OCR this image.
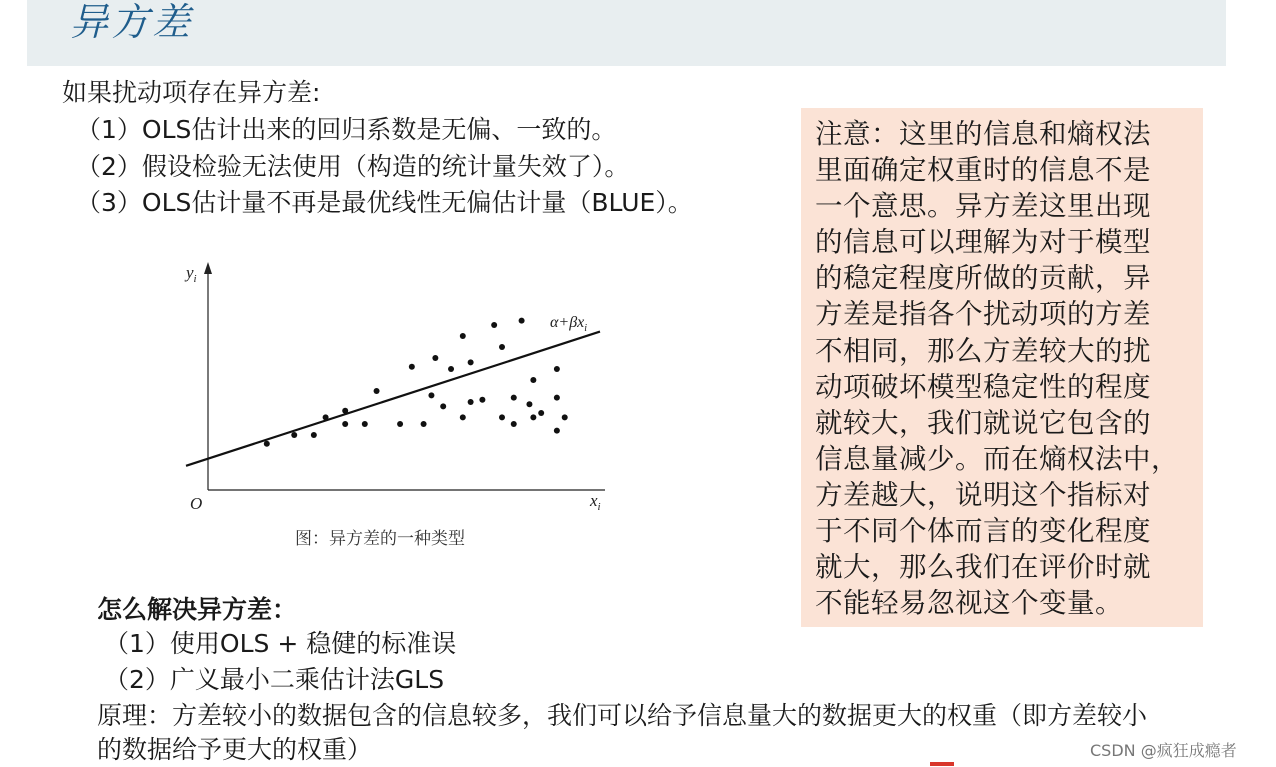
异方差
如果扰动项存在异方差:
（1）OLS估计出来的回归系数是无偏、一致的。
（2）假设检验无法使用（构造的统计量失效了）。
（3）OLS估计量不再是最优线性无偏估计量（BLUE）。
注意：这里的信息和熵权法
里面确定权重时的信息不是
一个意思。异方差这里出现
的信息可以理解为对于模型
的稳定程度所做的贡献，异
方差是指各个扰动项的方差
不相同，那么方差较大的扰
动项破坏模型稳定性的程度
就较大，我们就说它包含的
信息量减少。而在熵权法中，
方差越大，说明这个指标对
于不同个体而言的变化程度
就大，那么我们在评价时就
不能轻易忽视这个变量。
$y_i$
$x_i$
O
$\alpha+\beta x_i$
图：异方差的一种类型
怎么解决异方差：
（1）使用OLS + 稳健的标准误
（2）广义最小二乘估计法GLS
原理：方差较小的数据包含的信息较多，我们可以给予信息量大的数据更大的权重（即方差较小的数据给予更大的权重）	CSDN @疯狂成瘾者
